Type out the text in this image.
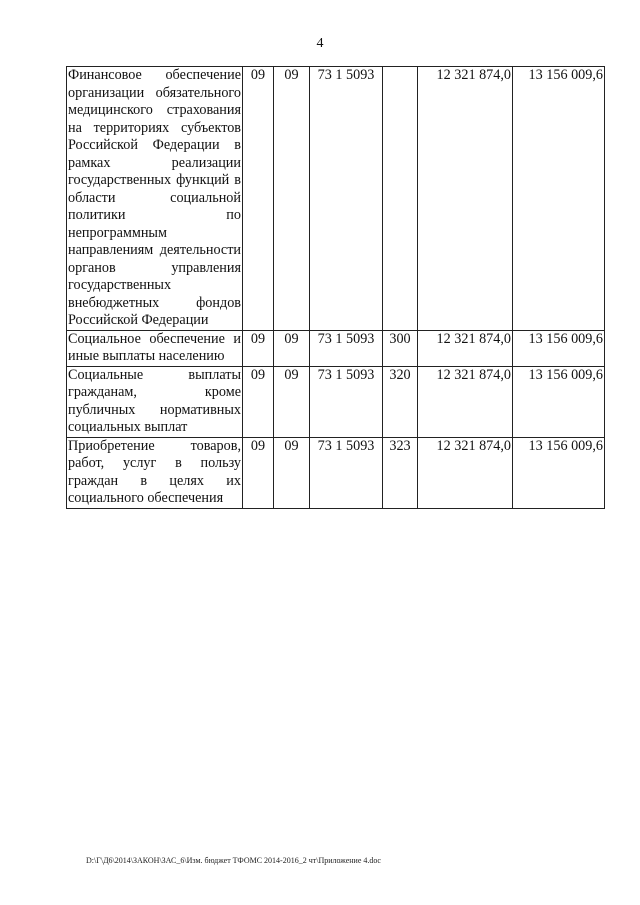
4
Финансовое обеспечение организации обязательного медицинского страхования на территориях субъектов Российской Федерации в рамках реализации государственных функций в области социальной политики по непрограммным направлениям деятельности органов управления государственных внебюджетных фондов Российской Федерации	09	09	73 1 5093		12 321 874,0	13 156 009,6
Социальное обеспечение и иные выплаты населению	09	09	73 1 5093	300	12 321 874,0	13 156 009,6
Социальные выплаты гражданам, кроме публичных нормативных социальных выплат	09	09	73 1 5093	320	12 321 874,0	13 156 009,6
Приобретение товаров, работ, услуг в пользу граждан в целях их социального обеспечения	09	09	73 1 5093	323	12 321 874,0	13 156 009,6
D:\Г\Д6\2014\ЗАКОН\ЗАС_6\Изм. бюджет ТФОМС 2014-2016_2 чт\Приложение 4.doc
